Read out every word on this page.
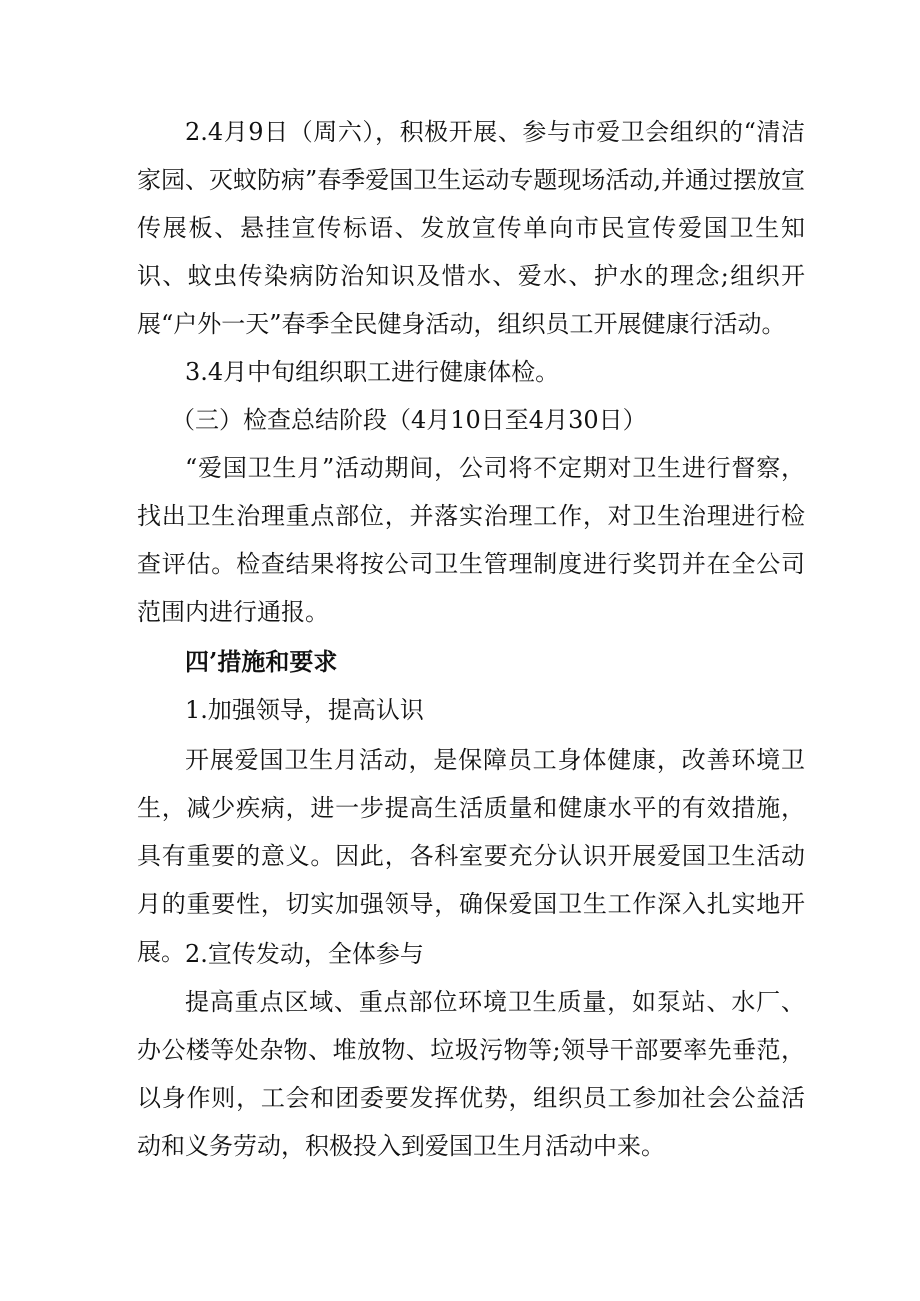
2.4月9日（周六），积极开展、参与市爱卫会组织的“清洁家园、灭蚊防病”春季爱国卫生运动专题现场活动,并通过摆放宣传展板、悬挂宣传标语、发放宣传单向市民宣传爱国卫生知识、蚊虫传染病防治知识及惜水、爱水、护水的理念;组织开展“户外一天”春季全民健身活动，组织员工开展健康行活动。

3.4月中旬组织职工进行健康体检。

（三）检查总结阶段（4月10日至4月30日）

“爱国卫生月”活动期间，公司将不定期对卫生进行督察，找出卫生治理重点部位，并落实治理工作，对卫生治理进行检查评估。检查结果将按公司卫生管理制度进行奖罚并在全公司范围内进行通报。

四’措施和要求

1.加强领导，提高认识

开展爱国卫生月活动，是保障员工身体健康，改善环境卫生，减少疾病，进一步提高生活质量和健康水平的有效措施，具有重要的意义。因此，各科室要充分认识开展爱国卫生活动月的重要性，切实加强领导，确保爱国卫生工作深入扎实地开展。 2.宣传发动，全体参与

提高重点区域、重点部位环境卫生质量，如泵站、水厂、办公楼等处杂物、堆放物、垃圾污物等;领导干部要率先垂范，以身作则，工会和团委要发挥优势，组织员工参加社会公益活动和义务劳动，积极投入到爱国卫生月活动中来。
